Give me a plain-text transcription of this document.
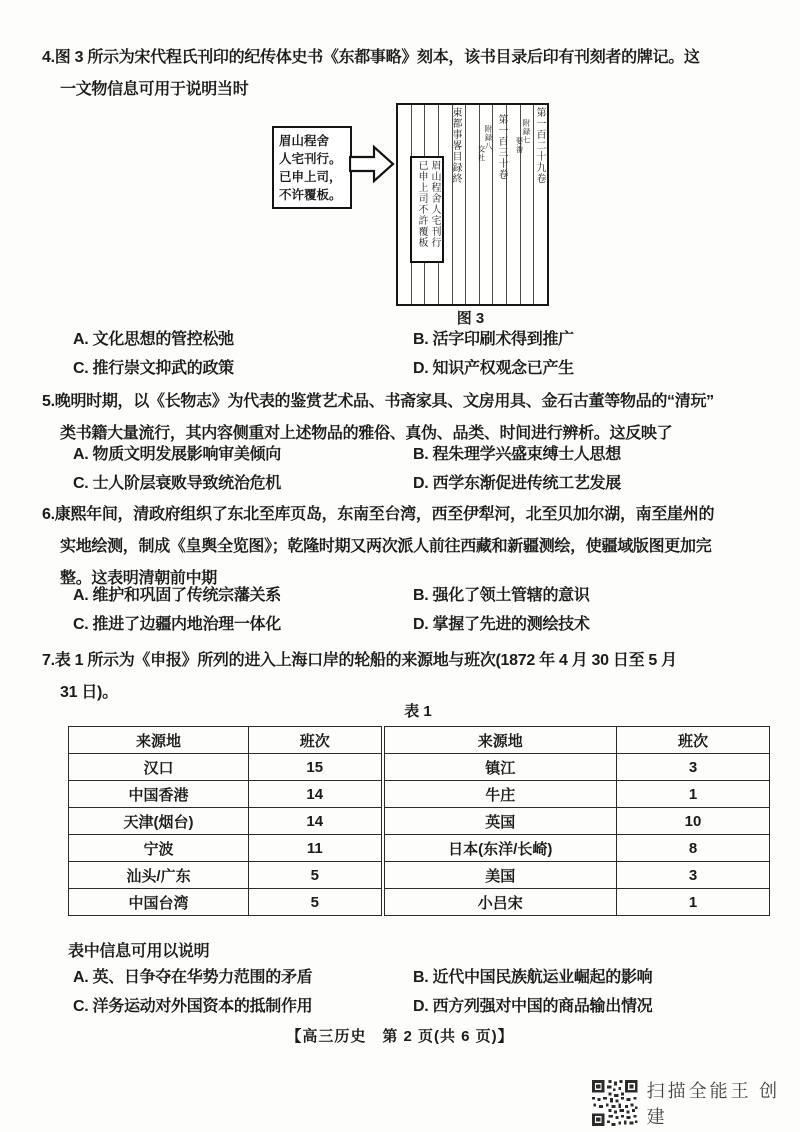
4.图 3 所示为宋代程氏刊印的纪传体史书《东都事略》刻本，该书目录后印有刊刻者的牌记。这
一文物信息可用于说明当时
眉山程舍
人宅刊行。
已申上司，
不许覆板。
第一百二十九卷
附録七
要畨
第一百三十卷
附録八
交社
東都事畧目録終
眉山程舍人宅刊行
已申上司不許覆板
图 3
A. 文化思想的管控松弛	B. 活字印刷术得到推广
C. 推行崇文抑武的政策	D. 知识产权观念已产生
5.晚明时期，以《长物志》为代表的鉴赏艺术品、书斋家具、文房用具、金石古董等物品的“清玩”
类书籍大量流行，其内容侧重对上述物品的雅俗、真伪、品类、时间进行辨析。这反映了
A. 物质文明发展影响审美倾向	B. 程朱理学兴盛束缚士人思想
C. 士人阶层衰败导致统治危机	D. 西学东渐促进传统工艺发展
6.康熙年间，清政府组织了东北至库页岛，东南至台湾，西至伊犁河，北至贝加尔湖，南至崖州的
实地绘测，制成《皇舆全览图》；乾隆时期又两次派人前往西藏和新疆测绘，使疆域版图更加完
整。这表明清朝前中期
A. 维护和巩固了传统宗藩关系	B. 强化了领土管辖的意识
C. 推进了边疆内地治理一体化	D. 掌握了先进的测绘技术
7.表 1 所示为《申报》所列的进入上海口岸的轮船的来源地与班次(1872 年 4 月 30 日至 5 月
31 日)。
表 1
来源地	班次	来源地	班次
汉口	15	镇江	3
中国香港	14	牛庄	1
天津(烟台)	14	英国	10
宁波	11	日本(东洋/长崎)	8
汕头/广东	5	美国	3
中国台湾	5	小吕宋	1
表中信息可用以说明
A. 英、日争夺在华势力范围的矛盾	B. 近代中国民族航运业崛起的影响
C. 洋务运动对外国资本的抵制作用	D. 西方列强对中国的商品输出情况
【高三历史　第 2 页(共 6 页)】
扫描全能王 创建
